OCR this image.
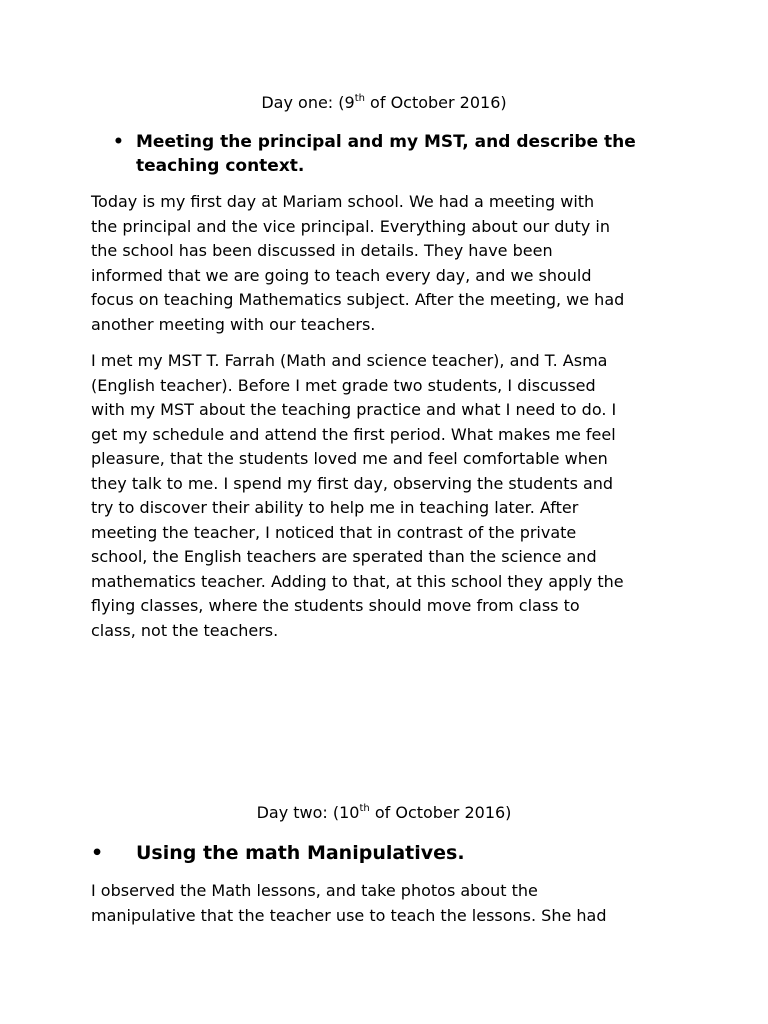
Day one: (9th of October 2016)
• Meeting the principal and my MST, and describe the
teaching context.
Today is my first day at Mariam school. We had a meeting with
the principal and the vice principal. Everything about our duty in
the school has been discussed in details. They have been
informed that we are going to teach every day, and we should
focus on teaching Mathematics subject. After the meeting, we had
another meeting with our teachers.
I met my MST T. Farrah (Math and science teacher), and T. Asma
(English teacher). Before I met grade two students, I discussed
with my MST about the teaching practice and what I need to do. I
get my schedule and attend the first period. What makes me feel
pleasure, that the students loved me and feel comfortable when
they talk to me. I spend my first day, observing the students and
try to discover their ability to help me in teaching later. After
meeting the teacher, I noticed that in contrast of the private
school, the English teachers are sperated than the science and
mathematics teacher. Adding to that, at this school they apply the
flying classes, where the students should move from class to
class, not the teachers.
Day two: (10th of October 2016)
•	Using the math Manipulatives.
I observed the Math lessons, and take photos about the
manipulative that the teacher use to teach the lessons. She had
